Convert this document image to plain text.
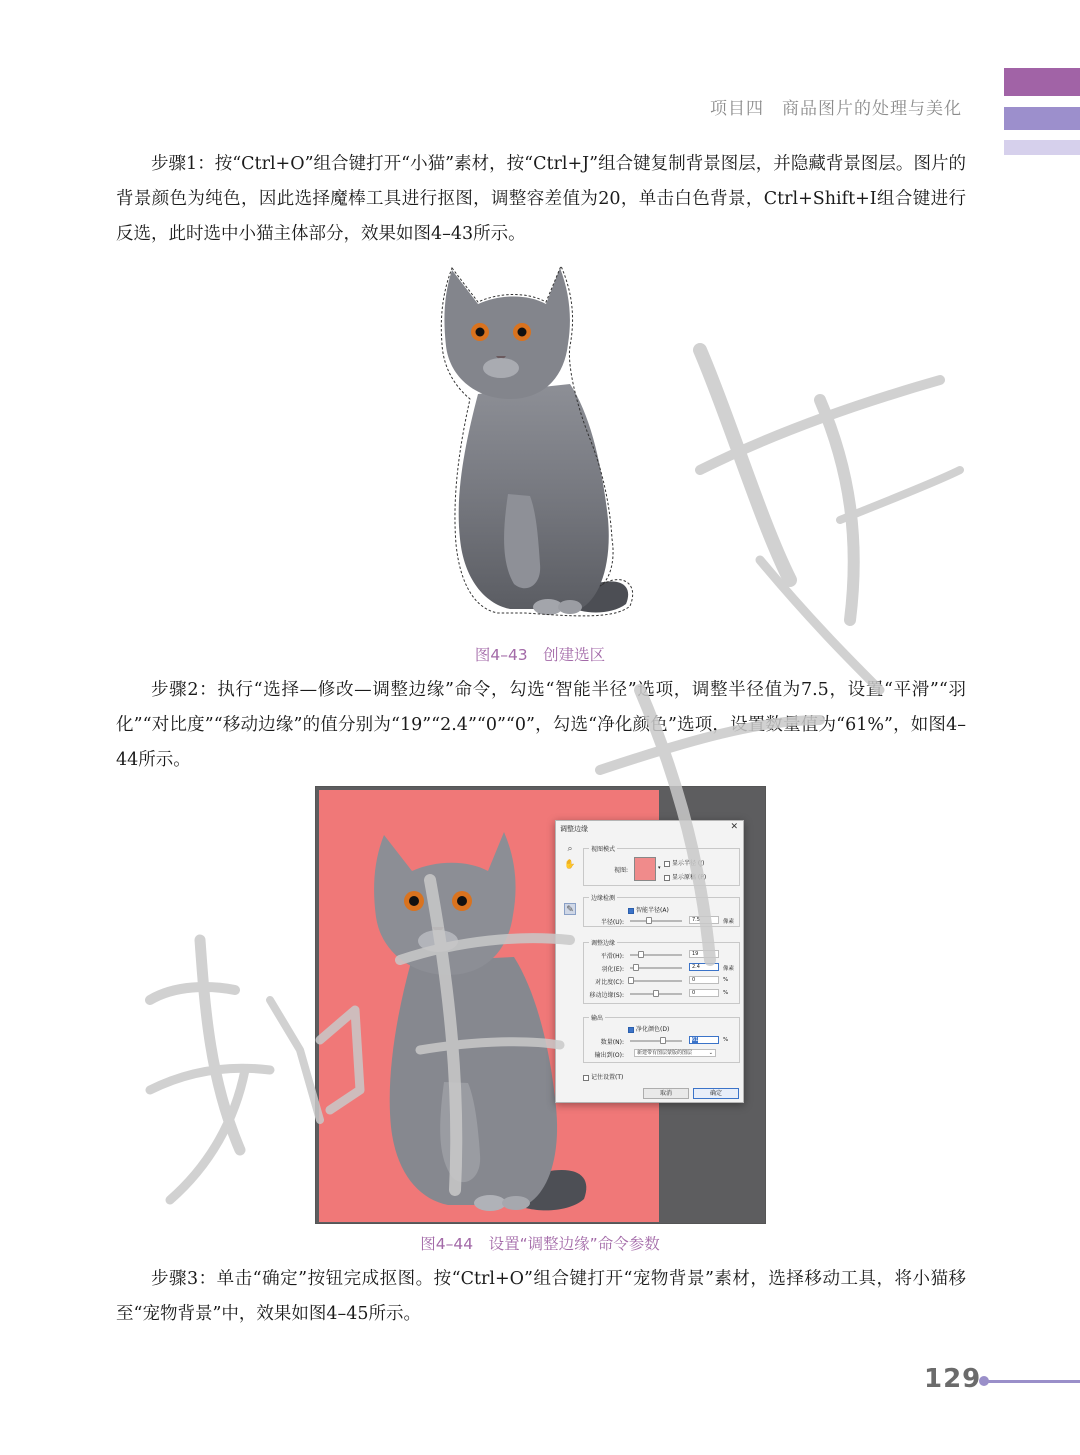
项目四　商品图片的处理与美化

步骤1：按“Ctrl+O”组合键打开“小猫”素材，按“Ctrl+J”组合键复制背景图层，并隐藏背景图层。图片的背景颜色为纯色，因此选择魔棒工具进行抠图，调整容差值为20，单击白色背景，Ctrl+Shift+I组合键进行反选，此时选中小猫主体部分，效果如图4–43所示。

图4–43　创建选区

步骤2：执行“选择—修改—调整边缘”命令，勾选“智能半径”选项，调整半径值为7.5，设置“平滑”“羽化”“对比度”“移动边缘”的值分别为“19”“2.4”“0”“0”，勾选“净化颜色”选项，设置数量值为“61%”，如图4–44所示。

调整边缘	✕
⌕
✋
✎
视图模式
视图:	▾
显示半径 (J)
显示原稿 (P)
边缘检测
智能半径(A)
半径(U):	7.5	像素
调整边缘
平滑(H):	19
羽化(E):	2.4	像素
对比度(C):	0	%
移动边缘(S):	0	%
输出
净化颜色(D)
数量(N):	61	%
输出到(O):	新建带有图层蒙版的图层	⌄
记住设置(T)
取消	确定
图4–44　设置“调整边缘”命令参数

步骤3：单击“确定”按钮完成抠图。按“Ctrl+O”组合键打开“宠物背景”素材，选择移动工具，将小猫移至“宠物背景”中，效果如图4–45所示。

129
